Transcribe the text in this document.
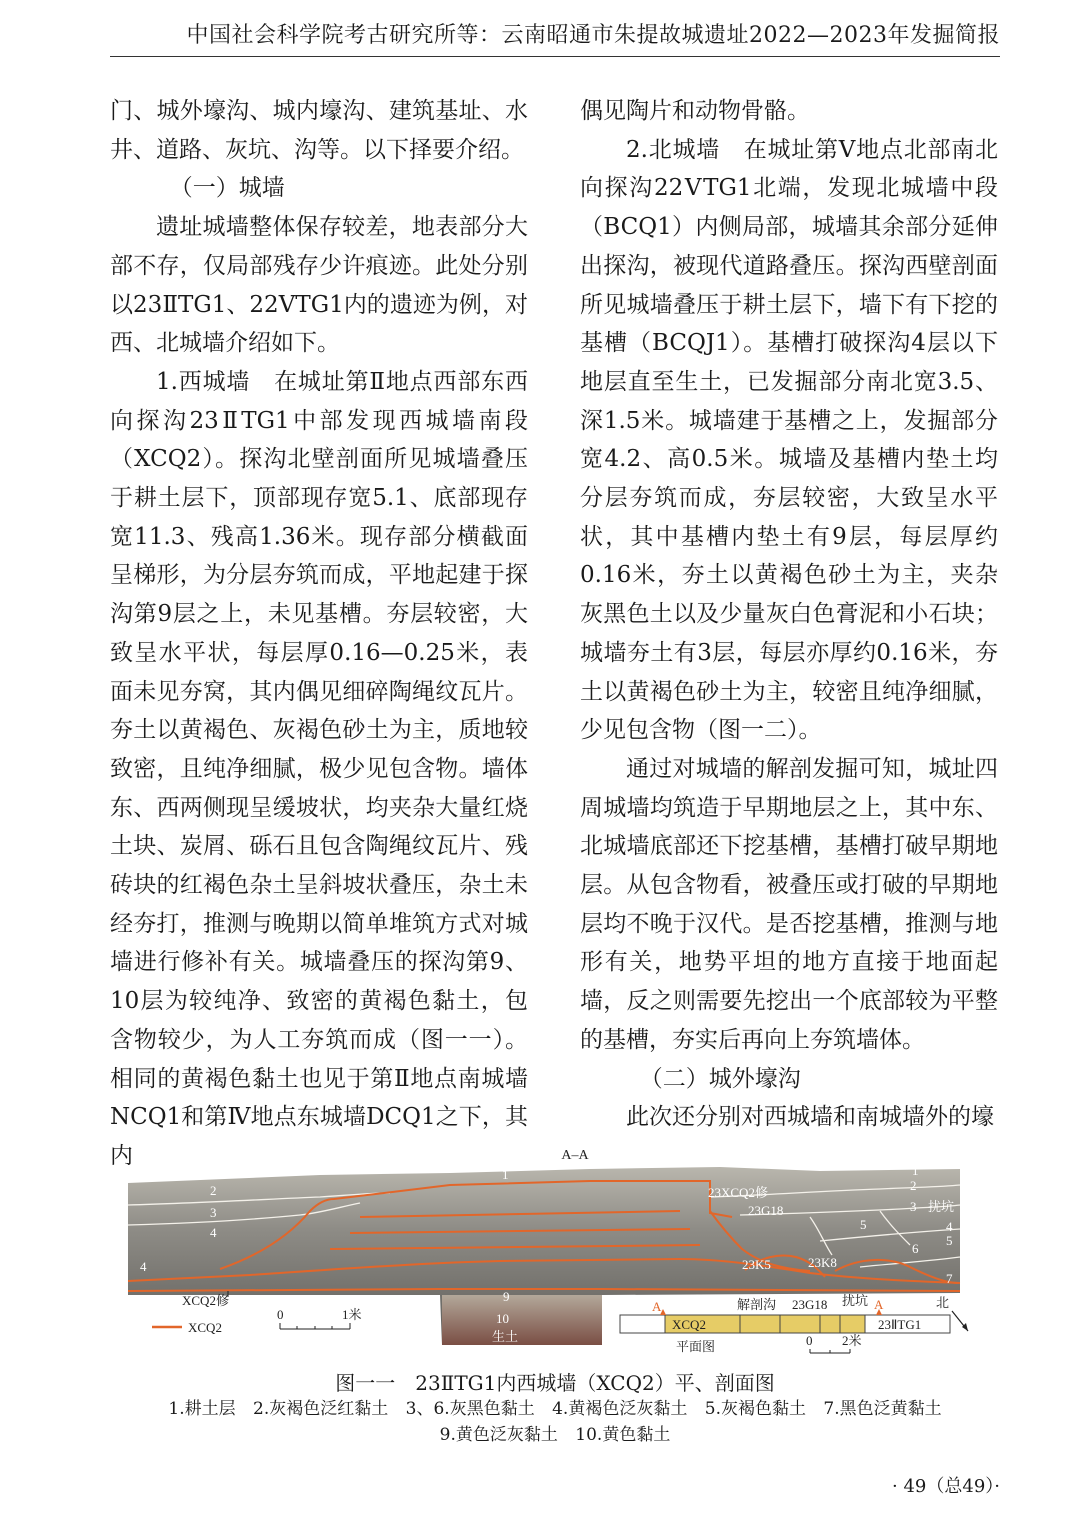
中国社会科学院考古研究所等：云南昭通市朱提故城遗址2022—2023年发掘简报

门、城外壕沟、城内壕沟、建筑基址、水井、道路、灰坑、沟等。以下择要介绍。

（一）城墙

遗址城墙整体保存较差，地表部分大部不存，仅局部残存少许痕迹。此处分别以23ⅡTG1、22ⅤTG1内的遗迹为例，对西、北城墙介绍如下。

1.西城墙　在城址第Ⅱ地点西部东西向探沟23ⅡTG1中部发现西城墙南段（XCQ2）。探沟北壁剖面所见城墙叠压于耕土层下，顶部现存宽5.1、底部现存宽11.3、残高1.36米。现存部分横截面呈梯形，为分层夯筑而成，平地起建于探沟第9层之上，未见基槽。夯层较密，大致呈水平状，每层厚0.16—0.25米，表面未见夯窝，其内偶见细碎陶绳纹瓦片。夯土以黄褐色、灰褐色砂土为主，质地较致密，且纯净细腻，极少见包含物。墙体东、西两侧现呈缓坡状，均夹杂大量红烧土块、炭屑、砾石且包含陶绳纹瓦片、残砖块的红褐色杂土呈斜坡状叠压，杂土未经夯打，推测与晚期以简单堆筑方式对城墙进行修补有关。城墙叠压的探沟第9、10层为较纯净、致密的黄褐色黏土，包含物较少，为人工夯筑而成（图一一）。相同的黄褐色黏土也见于第Ⅱ地点南城墙NCQ1和第Ⅳ地点东城墙DCQ1之下，其内

偶见陶片和动物骨骼。

2.北城墙　在城址第Ⅴ地点北部南北向探沟22ⅤTG1北端，发现北城墙中段（BCQ1）内侧局部，城墙其余部分延伸出探沟，被现代道路叠压。探沟西壁剖面所见城墙叠压于耕土层下，墙下有下挖的基槽（BCQJ1）。基槽打破探沟4层以下地层直至生土，已发掘部分南北宽3.5、深1.5米。城墙建于基槽之上，发掘部分宽4.2、高0.5米。城墙及基槽内垫土均分层夯筑而成，夯层较密，大致呈水平状，其中基槽内垫土有9层，每层厚约0.16米，夯土以黄褐色砂土为主，夹杂灰黑色土以及少量灰白色膏泥和小石块；城墙夯土有3层，每层亦厚约0.16米，夯土以黄褐色砂土为主，较密且纯净细腻，少见包含物（图一二）。

通过对城墙的解剖发掘可知，城址四周城墙均筑造于早期地层之上，其中东、北城墙底部还下挖基槽，基槽打破早期地层。从包含物看，被叠压或打破的早期地层均不晚于汉代。是否挖基槽，推测与地形有关，地势平坦的地方直接于地面起墙，反之则需要先挖出一个底部较为平整的基槽，夯实后再向上夯筑墙体。

（二）城外壕沟

此次还分别对西城墙和南城墙外的壕

A–A
1
2
3
4
4
1
2
3
4
5
5
6
7
9
10
生土
23XCQ2修
23G18	扰坑
23K5	23K8
XCQ2修
XCQ2
0	1米
A	A
XCQ2
解剖沟 23G18 扰坑
23ⅡTG1
平面图
北
0 2米
图一一　23ⅡTG1内西城墙（XCQ2）平、剖面图
1.耕土层 2.灰褐色泛红黏土 3、6.灰黑色黏土 4.黄褐色泛灰黏土 5.灰褐色黏土 7.黑色泛黄黏土
9.黄色泛灰黏土 10.黄色黏土
· 49（总49）·
